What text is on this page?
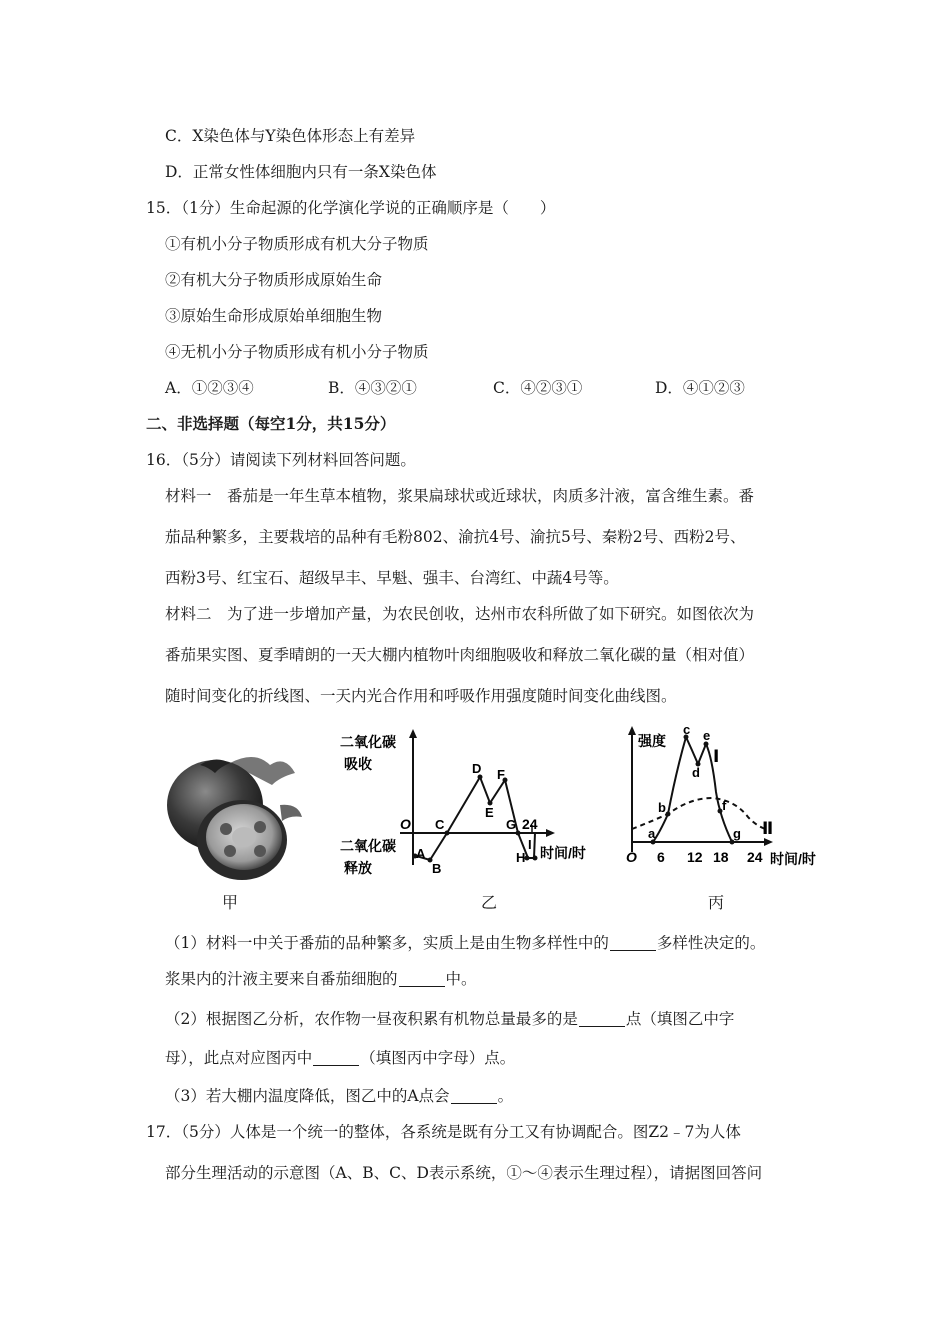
C．X染色体与Y染色体形态上有差异
D．正常女性体细胞内只有一条X染色体
15．（1分）生命起源的化学演化学说的正确顺序是（　　）
①有机小分子物质形成有机大分子物质
②有机大分子物质形成原始生命
③原始生命形成原始单细胞生物
④无机小分子物质形成有机小分子物质
A．①②③④	B．④③②①	C．④②③①	D．④①②③
二、非选择题（每空1分，共15分）
16．（5分）请阅读下列材料回答问题。
材料一　番茄是一年生草本植物，浆果扁球状或近球状，肉质多汁液，富含维生素。番
茄品种繁多，主要栽培的品种有毛粉802、渝抗4号、渝抗5号、秦粉2号、西粉2号、
西粉3号、红宝石、超级早丰、早魁、强丰、台湾红、中蔬4号等。
材料二　为了进一步增加产量，为农民创收，达州市农科所做了如下研究。如图依次为
番茄果实图、夏季晴朗的一天大棚内植物叶肉细胞吸收和释放二氧化碳的量（相对值）
随时间变化的折线图、一天内光合作用和呼吸作用强度随时间变化曲线图。
甲
二氧化碳
吸收
二氧化碳
释放
O	24
时间/时
A
B
C
D
E
F
G
H
I
乙
强度
O 6 12 18 24 时间/时
Ⅰ
Ⅱ
a
b
c
d
e
f
g
丙
（1）材料一中关于番茄的品种繁多，实质上是由生物多样性中的	多样性决定的。
浆果内的汁液主要来自番茄细胞的	中。
（2）根据图乙分析，农作物一昼夜积累有机物总量最多的是	点（填图乙中字
母），此点对应图丙中	（填图丙中字母）点。
（3）若大棚内温度降低，图乙中的A点会	。
17．（5分）人体是一个统一的整体，各系统是既有分工又有协调配合。图Z2﹣7为人体
部分生理活动的示意图（A、B、C、D表示系统，①～④表示生理过程），请据图回答问
